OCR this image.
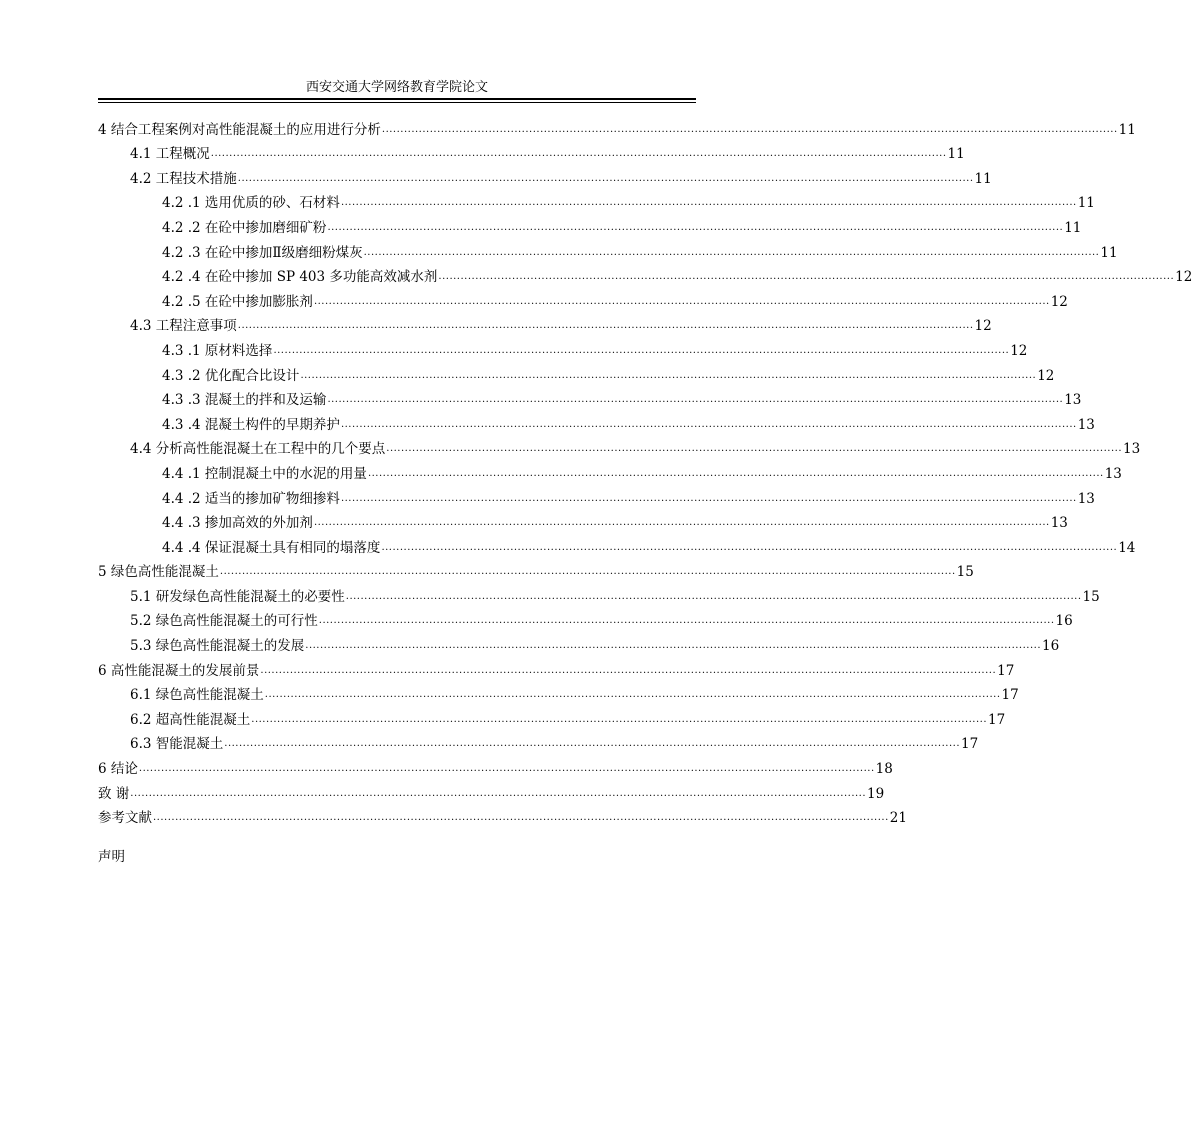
西安交通大学网络教育学院论文
4 结合工程案例对高性能混凝土的应用进行分析 ........................................................................................................................................................................................................ 11
4.1 工程概况 ........................................................................................................................................................................................................ 11
4.2 工程技术措施 ........................................................................................................................................................................................................ 11
4.2 .1 选用优质的砂、石材料 ........................................................................................................................................................................................................ 11
4.2 .2 在砼中掺加磨细矿粉 ........................................................................................................................................................................................................ 11
4.2 .3 在砼中掺加Ⅱ级磨细粉煤灰 ........................................................................................................................................................................................................ 11
4.2 .4 在砼中掺加 SP 403 多功能高效减水剂 ........................................................................................................................................................................................................ 12
4.2 .5 在砼中掺加膨胀剂 ........................................................................................................................................................................................................ 12
4.3 工程注意事项 ........................................................................................................................................................................................................ 12
4.3 .1 原材料选择 ........................................................................................................................................................................................................ 12
4.3 .2 优化配合比设计 ........................................................................................................................................................................................................ 12
4.3 .3 混凝土的拌和及运输 ........................................................................................................................................................................................................ 13
4.3 .4 混凝土构件的早期养护 ........................................................................................................................................................................................................ 13
4.4 分析高性能混凝土在工程中的几个要点 ........................................................................................................................................................................................................ 13
4.4 .1 控制混凝土中的水泥的用量 ........................................................................................................................................................................................................ 13
4.4 .2 适当的掺加矿物细掺料 ........................................................................................................................................................................................................ 13
4.4 .3 掺加高效的外加剂 ........................................................................................................................................................................................................ 13
4.4 .4 保证混凝土具有相同的塌落度 ........................................................................................................................................................................................................ 14
5 绿色高性能混凝土 ........................................................................................................................................................................................................ 15
5.1 研发绿色高性能混凝土的必要性 ........................................................................................................................................................................................................ 15
5.2 绿色高性能混凝土的可行性 ........................................................................................................................................................................................................ 16
5.3 绿色高性能混凝土的发展 ........................................................................................................................................................................................................ 16
6 高性能混凝土的发展前景 ........................................................................................................................................................................................................ 17
6.1 绿色高性能混凝土 ........................................................................................................................................................................................................ 17
6.2 超高性能混凝土 ........................................................................................................................................................................................................ 17
6.3 智能混凝土 ........................................................................................................................................................................................................ 17
6 结论 ........................................................................................................................................................................................................ 18
致 谢 ........................................................................................................................................................................................................ 19
参考文献 ........................................................................................................................................................................................................ 21
声明
